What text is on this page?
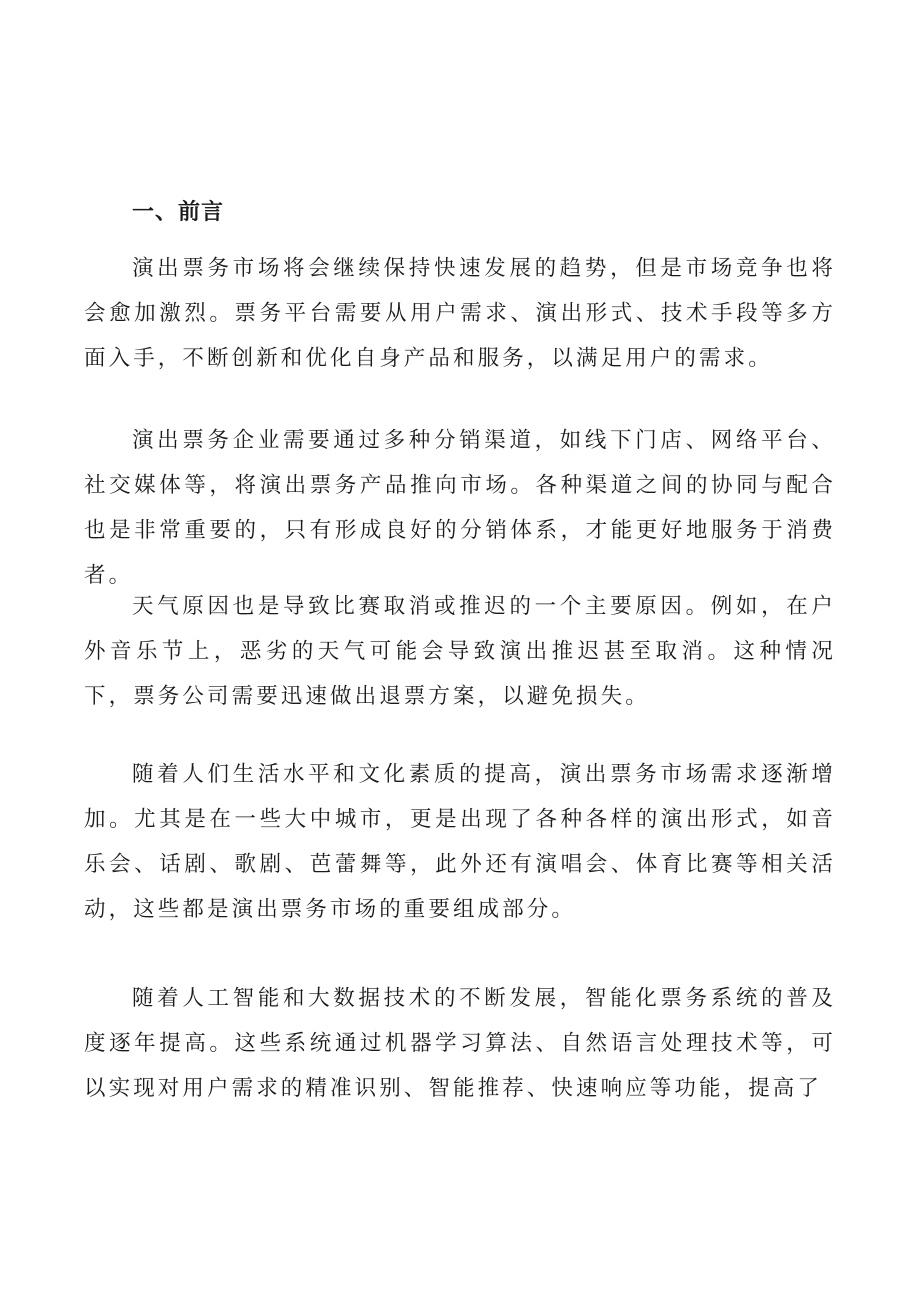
一、前言

演出票务市场将会继续保持快速发展的趋势，但是市场竞争也将会愈加激烈。票务平台需要从用户需求、演出形式、技术手段等多方面入手，不断创新和优化自身产品和服务，以满足用户的需求。

演出票务企业需要通过多种分销渠道，如线下门店、网络平台、社交媒体等，将演出票务产品推向市场。各种渠道之间的协同与配合也是非常重要的，只有形成良好的分销体系，才能更好地服务于消费者。

天气原因也是导致比赛取消或推迟的一个主要原因。例如，在户外音乐节上，恶劣的天气可能会导致演出推迟甚至取消。这种情况下，票务公司需要迅速做出退票方案，以避免损失。

随着人们生活水平和文化素质的提高，演出票务市场需求逐渐增加。尤其是在一些大中城市，更是出现了各种各样的演出形式，如音乐会、话剧、歌剧、芭蕾舞等，此外还有演唱会、体育比赛等相关活动，这些都是演出票务市场的重要组成部分。

随着人工智能和大数据技术的不断发展，智能化票务系统的普及度逐年提高。这些系统通过机器学习算法、自然语言处理技术等，可以实现对用户需求的精准识别、智能推荐、快速响应等功能，提高了
